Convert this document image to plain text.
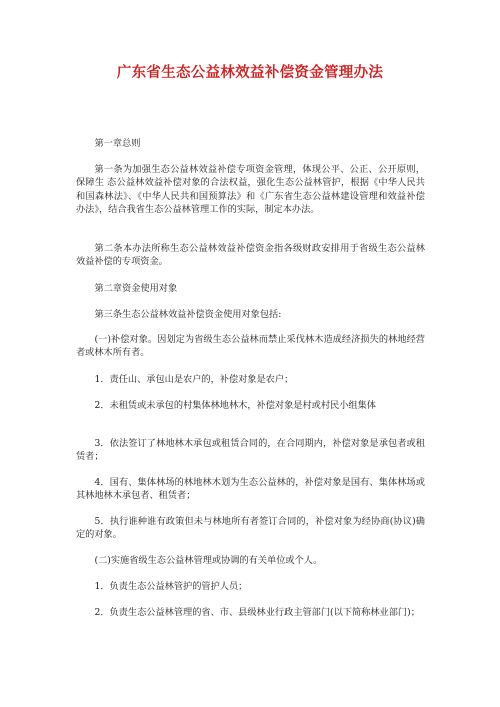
广东省生态公益林效益补偿资金管理办法

第一章总则

第一条为加强生态公益林效益补偿专项资金管理，体现公平、公正、公开原则，保障生 态公益林效益补偿对象的合法权益，强化生态公益林管护，根据《中华人民共和国森林法》、《中华人民共和国预算法》和《广东省生态公益林建设管理和效益补偿 办法》，结合我省生态公益林管理工作的实际，制定本办法。

第二条本办法所称生态公益林效益补偿资金指各级财政安排用于省级生态公益林效益补偿的专项资金。

第二章资金使用对象

第三条生态公益林效益补偿资金使用对象包括:

(一)补偿对象。因划定为省级生态公益林而禁止采伐林木造成经济损失的林地经营者或林木所有者。

1．责任山、承包山是农户的，补偿对象是农户；

2．未租赁或未承包的村集体林地林木，补偿对象是村或村民小组集体

3．依法签订了林地林木承包或租赁合同的，在合同期内，补偿对象是承包者或租赁者；

4．国有、集体林场的林地林木划为生态公益林的，补偿对象是国有、集体林场或其林地林木承包者、租赁者；

5．执行谁种谁有政策但未与林地所有者签订合同的，补偿对象为经协商(协议)确定的对象。

(二)实施省级生态公益林管理或协调的有关单位或个人。

1．负责生态公益林管护的管护人员；

2．负责生态公益林管理的省、市、县级林业行政主管部门(以下简称林业部门)；
